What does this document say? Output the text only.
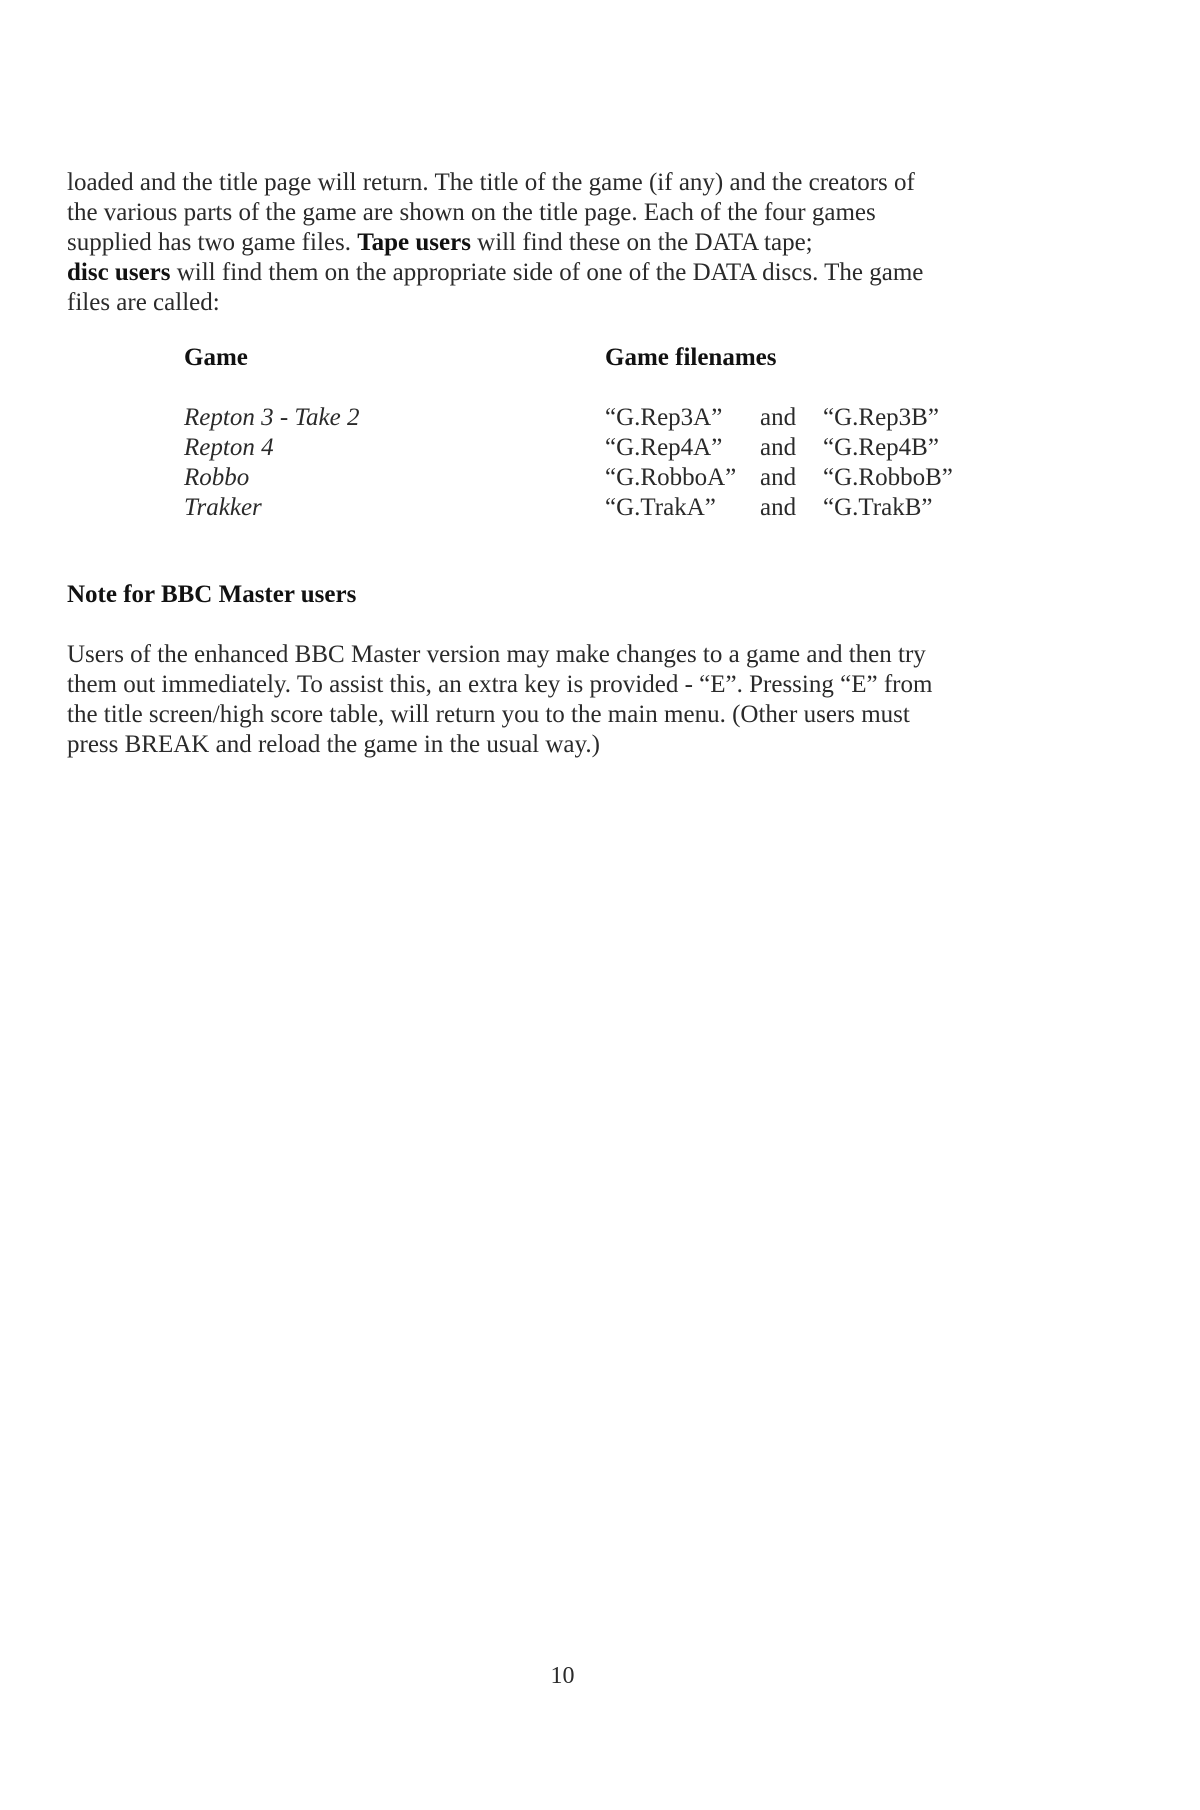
loaded and the title page will return. The title of the game (if any) and the creators of
the various parts of the game are shown on the title page. Each of the four games
supplied has two game files. Tape users will find these on the DATA tape;
disc users will find them on the appropriate side of one of the DATA discs. The game
files are called:
Game	Game filenames
Repton 3 - Take 2
Repton 4
Robbo
Trakker
“G.Rep3A” and “G.Rep3B”
“G.Rep4A” and “G.Rep4B”
“G.RobboA” and “G.RobboB”
“G.TrakA” and “G.TrakB”
Note for BBC Master users
Users of the enhanced BBC Master version may make changes to a game and then try
them out immediately. To assist this, an extra key is provided - “E”. Pressing “E” from
the title screen/high score table, will return you to the main menu. (Other users must
press BREAK and reload the game in the usual way.)
10
